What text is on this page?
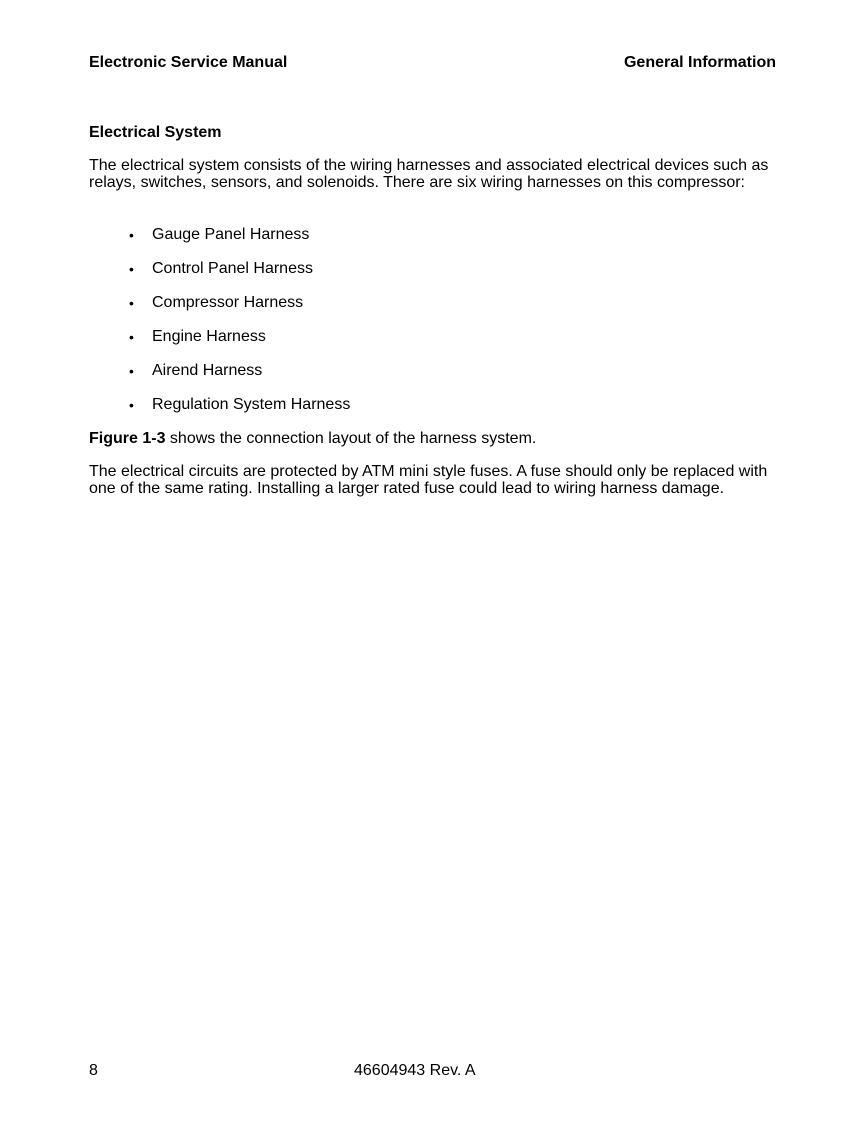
Electronic Service Manual	General Information
Electrical System

The electrical system consists of the wiring harnesses and associated electrical devices such as relays, switches, sensors, and solenoids. There are six wiring harnesses on this compressor:

• Gauge Panel Harness
• Control Panel Harness
• Compressor Harness
• Engine Harness
• Airend Harness
• Regulation System Harness
Figure 1-3 shows the connection layout of the harness system.

The electrical circuits are protected by ATM mini style fuses. A fuse should only be replaced with one of the same rating. Installing a larger rated fuse could lead to wiring harness damage.

8	46604943 Rev. A
